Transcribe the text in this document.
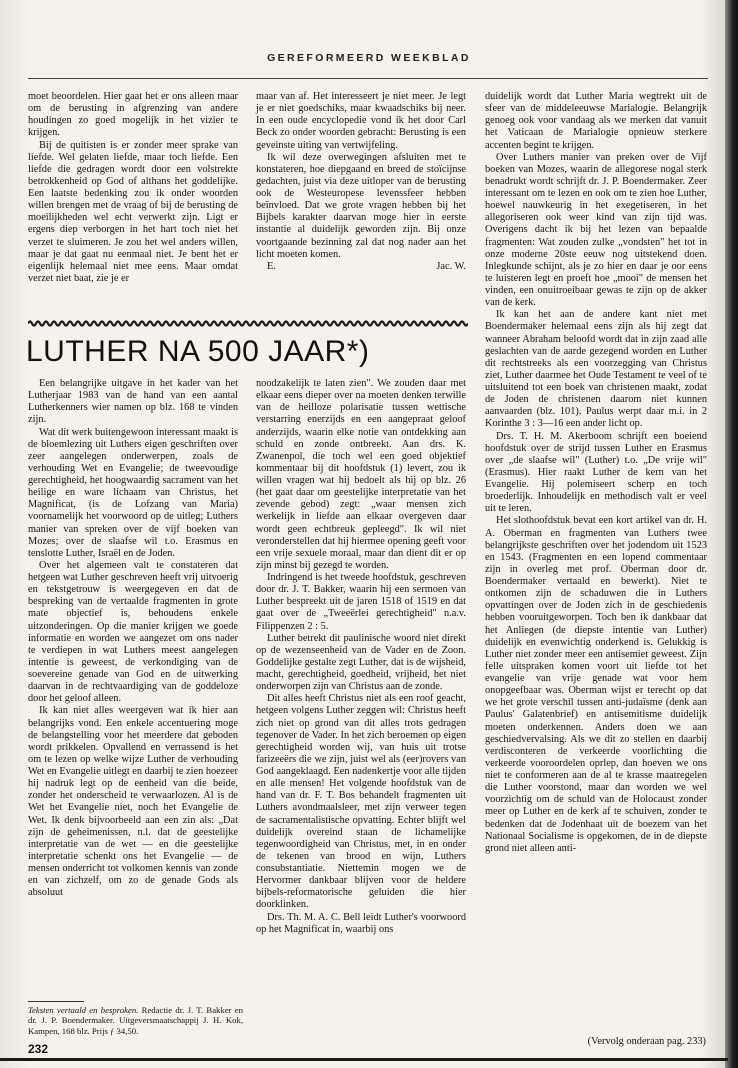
GEREFORMEERD WEEKBLAD

moet beoordelen. Hier gaat het er ons alleen maar om de berusting in afgrenzing van andere houdingen zo goed mogelijk in het vizier te krijgen.

Bij de quitisten is er zonder meer sprake van liefde. Wel gelaten liefde, maar toch liefde. Een liefde die gedragen wordt door een volstrekte betrokkenheid op God of althans het goddelijke. Een laatste bedenking zou ik onder woorden willen brengen met de vraag of bij de berusting de moeilijkheden wel echt verwerkt zijn. Ligt er ergens diep verborgen in het hart toch niet het verzet te sluimeren. Je zou het wel anders willen, maar je dat gaat nu eenmaal niet. Je bent het er eigenlijk helemaal niet mee eens. Maar omdat verzet niet baat, zie je er

maar van af. Het interesseert je niet meer. Je legt je er niet goedschiks, maar kwaadschiks bij neer. In een oude encyclopedie vond ik het door Carl Beck zo onder woorden gebracht: Berusting is een geveinste uiting van vertwijfeling.

Ik wil deze overwegingen afsluiten met te konstateren, hoe diepgaand en breed de stoïcijnse gedachten, juist via deze uitloper van de berusting ook de Westeuropese levenssfeer hebben beïnvloed. Dat we grote vragen hebben bij het Bijbels karakter daarvan moge hier in eerste instantie al duidelijk geworden zijn. Bij onze voortgaande bezinning zal dat nog nader aan het licht moeten komen.

E.	Jac. W.

LUTHER NA 500 JAAR*)

duidelijk wordt dat Luther Maria wegtrekt uit de sfeer van de middeleeuwse Marialogie. Belangrijk genoeg ook voor vandaag als we merken dat vanuit het Vaticaan de Marialogie opnieuw sterkere accenten begint te krijgen.

Over Luthers manier van preken over de Vijf boeken van Mozes, waarin de allegorese nogal sterk benadrukt wordt schrijft dr. J. P. Boendermaker. Zeer interessant om te lezen en ook om te zien hoe Luther, hoewel nauwkeurig in het exegetiseren, in het allegoriseren ook weer kind van zijn tijd was. Overigens dacht ik bij het lezen van bepaalde fragmenten: Wat zouden zulke „vondsten" het tot in onze moderne 20ste eeuw nog uitstekend doen. Inlegkunde schijnt, als je zo hier en daar je oor eens te luisteren legt en proeft hoe „mooi" de mensen het vinden, een onuitroeibaar gewas te zijn op de akker van de kerk.

Ik kan het aan de andere kant niet met Boendermaker helemaal eens zijn als hij zegt dat wanneer Abraham beloofd wordt dat in zijn zaad alle geslachten van de aarde gezegend worden en Luther dit rechtstreeks als een voorzegging van Christus ziet, Luther daarmee het Oude Testament te veel of te uitsluitend tot een boek van christenen maakt, zodat de Joden de christenen daarom niet kunnen aanvaarden (blz. 101). Paulus werpt daar m.i. in 2 Korinthe 3 : 3—16 een ander licht op.

Drs. T. H. M. Akerboom schrijft een boeiend hoofdstuk over de strijd tussen Luther en Erasmus over „de slaafse wil" (Luther) t.o. „De vrije wil" (Erasmus). Hier raakt Luther de kern van het Evangelie. Hij polemiseert scherp en toch broederlijk. Inhoudelijk en methodisch valt er veel uit te leren.

Het slothoofdstuk bevat een kort artikel van dr. H. A. Oberman en fragmenten van Luthers twee belangrijkste geschriften over het jodendom uit 1523 en 1543. (Fragmenten en een lopend commentaar zijn in overleg met prof. Oberman door dr. Boendermaker vertaald en bewerkt). Niet te ontkomen zijn de schaduwen die in Luthers opvattingen over de Joden zich in de geschiedenis hebben vooruitgeworpen. Toch ben ik dankbaar dat het Anliegen (de diepste intentie van Luther) duidelijk en evenwichtig onderkend is. Gelukkig is Luther niet zonder meer een antisemiet geweest. Zijn felle uitspraken komen voort uit liefde tot het evangelie van vrije genade wat voor hem onopgeefbaar was. Oberman wijst er terecht op dat we het grote verschil tussen anti-judaïsme (denk aan Paulus' Galatenbrief) en antisemitisme duidelijk moeten onderkennen. Anders doen we aan geschiedvervalsing. Als we dit zo stellen en daarbij verdisconteren de verkeerde voorlichting die verkeerde vooroordelen oprlep, dan hoeven we ons niet te conformeren aan de al te krasse maatregelen die Luther voorstond, maar dan worden we wel voorzichtig om de schuld van de Holocaust zonder meer op Luther en de kerk af te schuiven, zonder te bedenken dat de Jodenhaat uit de boezem van het Nationaal Socialisme is opgekomen, de in de diepste grond niet alleen anti-

Een belangrijke uitgave in het kader van het Lutherjaar 1983 van de hand van een aantal Lutherkenners wier namen op blz. 168 te vinden zijn.

Wat dit werk buitengewoon interessant maakt is de bloemlezing uit Luthers eigen geschriften over zeer aangelegen onderwerpen, zoals de verhouding Wet en Evangelie; de tweevoudige gerechtigheid, het hoogwaardig sacrament van het heilige en ware lichaam van Christus, het Magnificat, (is de Lofzang van Maria) voornamelijk het voorwoord op de uitleg; Luthers manier van spreken over de vijf boeken van Mozes; over de slaafse wil t.o. Erasmus en tenslotte Luther, Israël en de Joden.

Over het algemeen valt te constateren dat hetgeen wat Luther geschreven heeft vrij uitvoerig en tekstgetrouw is weergegeven en dat de bespreking van de vertaalde fragmenten in grote mate objectief is, behoudens enkele uitzonderingen. Op die manier krijgen we goede informatie en worden we aangezet om ons nader te verdiepen in wat Luthers meest aangelegen intentie is geweest, de verkondiging van de soevereine genade van God en de uitwerking daarvan in de rechtvaardiging van de goddeloze door het geloof alleen.

Ik kan niet alles weergeven wat ik hier aan belangrijks vond. Een enkele accentuering moge de belangstelling voor het meerdere dat geboden wordt prikkelen. Opvallend en verrassend is het om te lezen op welke wijze Luther de verhouding Wet en Evangelie uitlegt en daarbij te zien hoezeer hij nadruk legt op de eenheid van die beide, zonder het onderscheid te verwaarlozen. Al is de Wet het Evangelie niet, noch het Evangelie de Wet. Ik denk bijvoorbeeld aan een zin als: „Dat zijn de geheimenissen, n.l. dat de geestelijke interpretatie van de wet — en die geestelijke interpretatie schenkt ons het Evangelie — de mensen onderricht tot volkomen kennis van zonde en van zichzelf, om zo de genade Gods als absoluut

noodzakelijk te laten zien". We zouden daar met elkaar eens dieper over na moeten denken terwille van de heilloze polarisatie tussen wettische verstarring enerzijds en een aangepraat geloof anderzijds, waarin elke notie van ontdekking aan schuld en zonde ontbreekt. Aan drs. K. Zwanenpol, die toch wel een goed objektief kommentaar bij dit hoofdstuk (1) levert, zou ik willen vragen wat hij bedoelt als hij op blz. 26 (het gaat daar om geestelijke interpretatie van het zevende gebod) zegt: „waar mensen zich werkelijk in liefde aan elkaar overgeven daar wordt geen echtbreuk gepleegd". Ik wil niet veronderstellen dat hij hiermee opening geeft voor een vrije sexuele moraal, maar dan dient dit er op zijn minst bij gezegd te worden.

Indringend is het tweede hoofdstuk, geschreven door dr. J. T. Bakker, waarin hij een sermoen van Luther bespreekt uit de jaren 1518 of 1519 en dat gaat over de „Tweeërlei gerechtigheid" n.a.v. Filippenzen 2 : 5.

Luther betrekt dit paulinische woord niet direkt op de wezenseenheid van de Vader en de Zoon. Goddelijke gestalte zegt Luther, dat is de wijsheid, macht, gerechtigheid, goedheid, vrijheid, het niet onderworpen zijn van Christus aan de zonde.

Dit alles heeft Christus niet als een roof geacht, hetgeen volgens Luther zeggen wil: Christus heeft zich niet op grond van dit alles trots gedragen tegenover de Vader. In het zich beroemen op eigen gerechtigheid worden wij, van huis uit trotse farizeeërs die we zijn, juist wel als (eer)rovers van God aangeklaagd. Een nadenkertje voor alle tijden en alle mensen! Het volgende hoofdstuk van de hand van dr. F. T. Bos behandelt fragmenten uit Luthers avondmaalsleer, met zijn verweer tegen de sacramentalistische opvatting. Echter blijft wel duidelijk overeind staan de lichamelijke tegenwoordigheid van Christus, met, in en onder de tekenen van brood en wijn, Luthers consubstantiatie. Niettemin mogen we de Hervormer dankbaar blijven voor de heldere bijbels-reformatorische geluiden die hier doorklinken.

Drs. Th. M. A. C. Bell leidt Luther's voorwoord op het Magnificat in, waarbij ons

Teksten vertaald en besproken. Redactie dr. J. T. Bakker en dr. J. P. Boendermaker. Uitgeversmaatschappij J. H. Kok, Kampen, 168 blz. Prijs ƒ 34,50.
232
(Vervolg onderaan pag. 233)
